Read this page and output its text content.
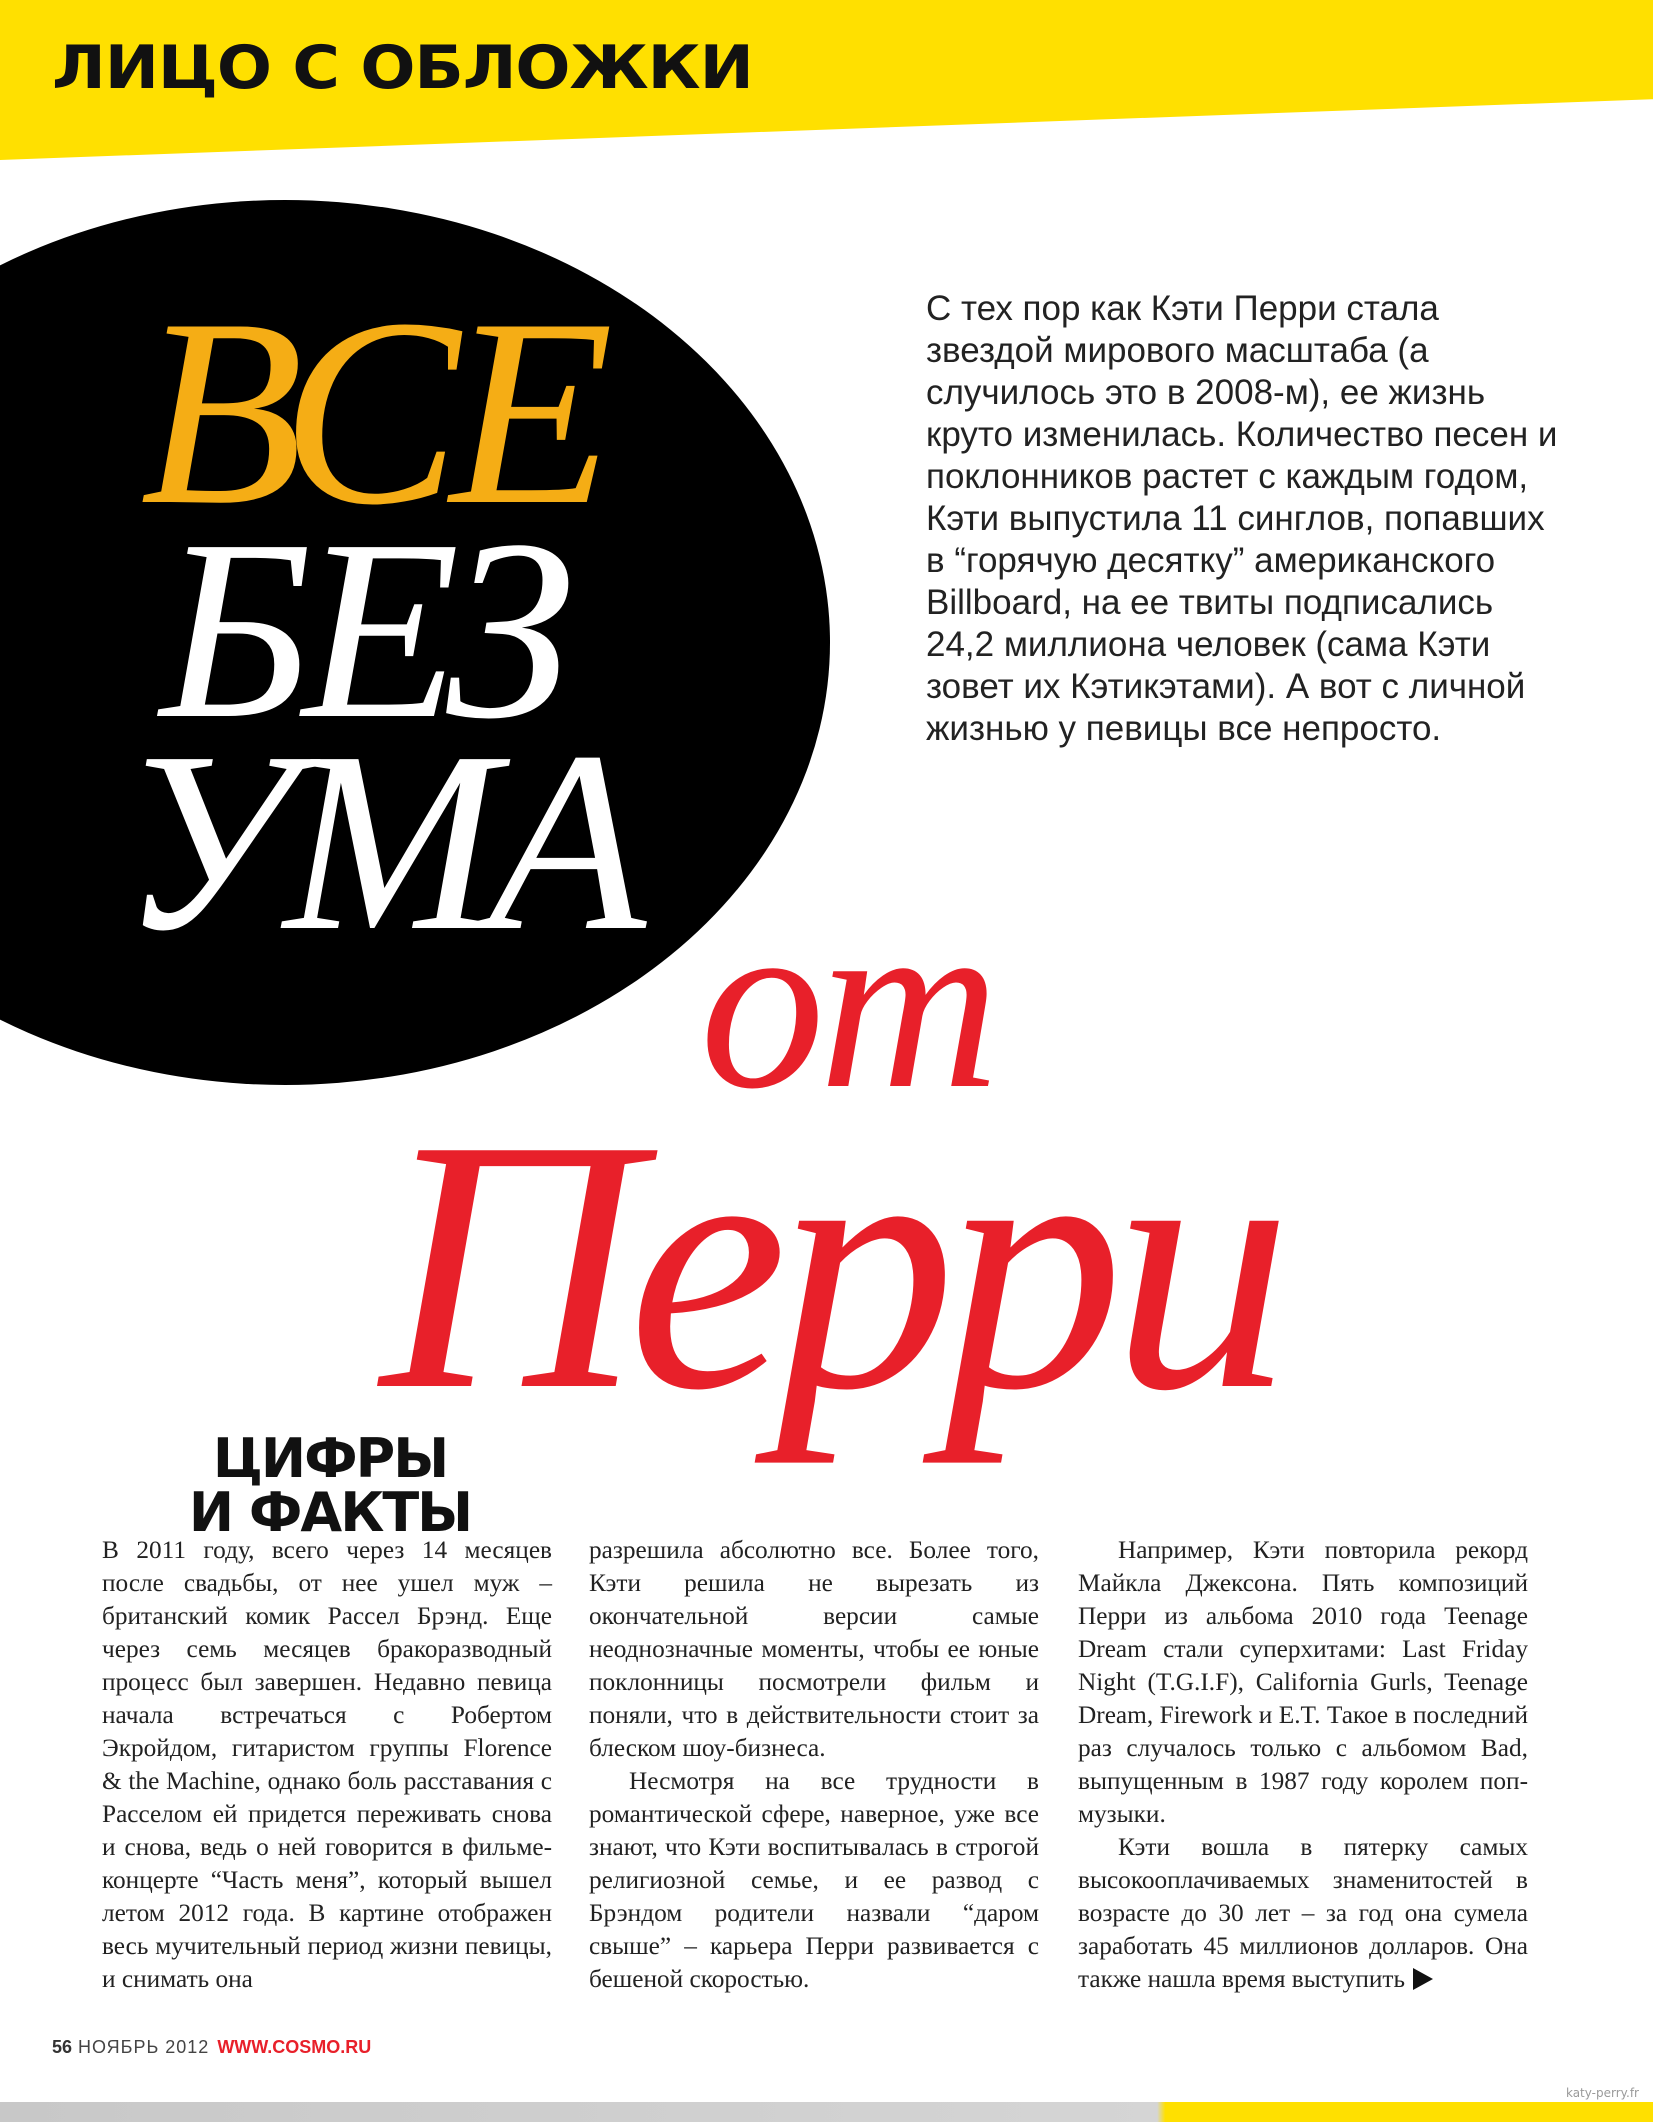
ЛИЦО С ОБЛОЖКИ
ВСЕ
БЕЗ
УМА
от
Перри
С тех пор как Кэти Перри стала звездой мирового масштаба (а случилось это в 2008-м), ее жизнь круто изменилась. Количество песен и поклонников растет с каждым годом, Кэти выпустила 11 синглов, попавших в “горячую десятку” американского Billboard, на ее твиты подписались 24,2 миллиона человек (сама Кэти зовет их Кэтикэтами). А вот с личной жизнью у певицы все непросто.
ЦИФРЫ
И ФАКТЫ

В 2011 году, всего через 14 месяцев после свадьбы, от нее ушел муж – британский комик Рассел Брэнд. Еще через семь месяцев бракоразводный процесс был завершен. Недавно певица начала встречаться с Робертом Экройдом, гитаристом группы Florence & the Machine, однако боль расставания с Расселом ей придется переживать снова и снова, ведь о ней говорится в фильме-концерте “Часть меня”, который вышел летом 2012 года. В картине отображен весь мучительный период жизни певицы, и снимать она

разрешила абсолютно все. Более того, Кэти решила не вырезать из окончательной версии самые неоднозначные моменты, чтобы ее юные поклонницы посмотрели фильм и поняли, что в действительности стоит за блеском шоу-бизнеса.

Несмотря на все трудности в романтической сфере, наверное, уже все знают, что Кэти воспитывалась в строгой религиозной семье, и ее развод с Брэндом родители назвали “даром свыше” – карьера Перри развивается с бешеной скоростью.

Например, Кэти повторила рекорд Майкла Джексона. Пять композиций Перри из альбома 2010 года Teenage Dream стали суперхитами: Last Friday Night (T.G.I.F), California Gurls, Teenage Dream, Firework и E.T. Такое в последний раз случалось только с альбомом Bad, выпущенным в 1987 году королем поп-музыки.

Кэти вошла в пятерку самых высокооплачиваемых знаменитостей в возрасте до 30 лет – за год она сумела заработать 45 миллионов долларов. Она также нашла время выступить

56 НОЯБРЬ 2012 WWW.COSMO.RU
katy-perry.fr
